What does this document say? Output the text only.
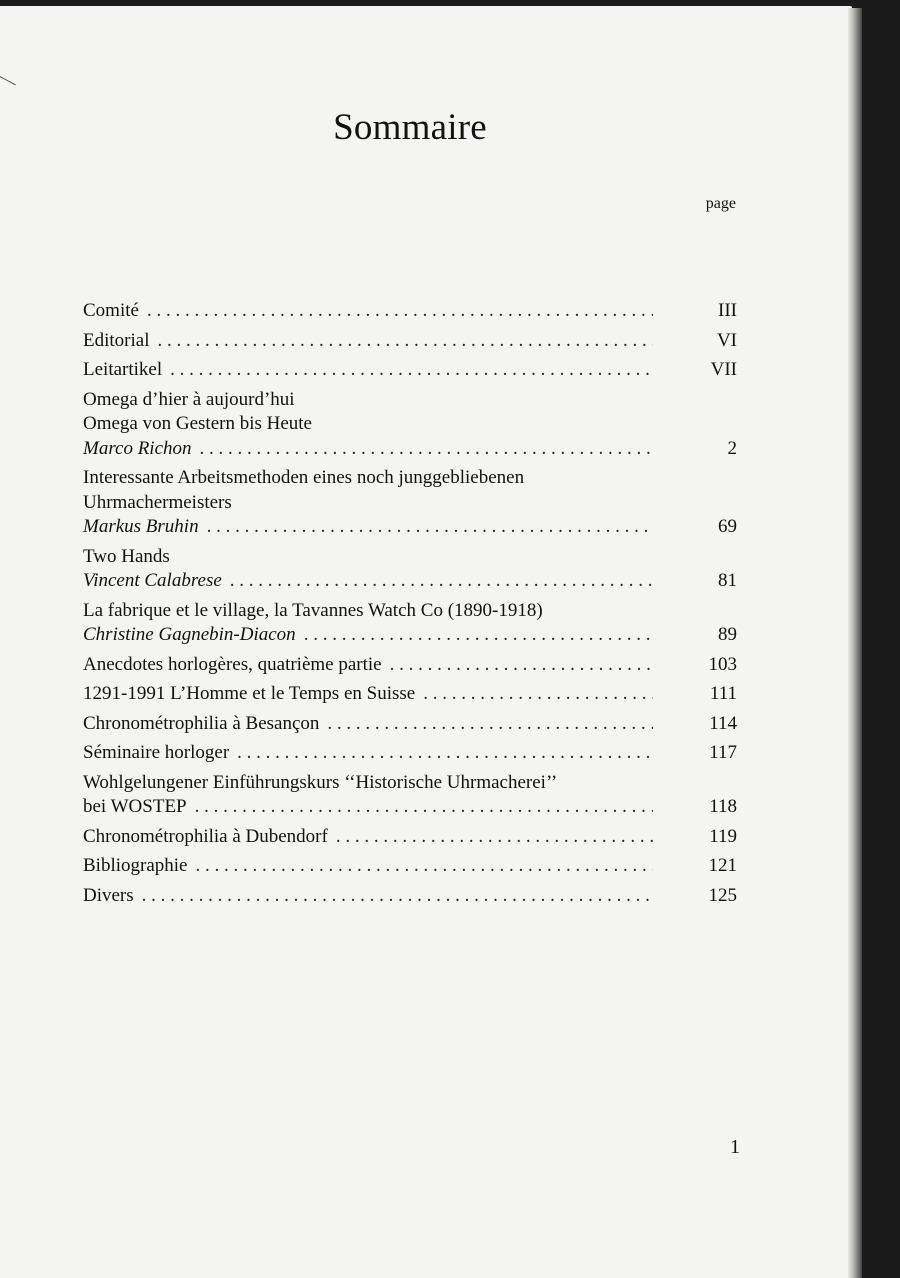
Sommaire
page
Comité . . .	III
Editorial . . .	VI
Leitartikel . . .	VII
Omega d’hier à aujourd’hui
Omega von Gestern bis Heute
Marco Richon . . .	2
Interessante Arbeitsmethoden eines noch junggebliebenen
Uhrmachermeisters
Markus Bruhin . . .	69
Two Hands
Vincent Calabrese . . .	81
La fabrique et le village, la Tavannes Watch Co (1890-1918)
Christine Gagnebin-Diacon . . .	89
Anecdotes horlogères, quatrième partie . . .	103
1291-1991 L’Homme et le Temps en Suisse . . .	111
Chronométrophilia à Besançon . . .	114
Séminaire horloger . . .	117
Wohlgelungener Einführungskurs ‘‘Historische Uhrmacherei’’
bei WOSTEP . . .	118
Chronométrophilia à Dubendorf . . .	119
Bibliographie . . .	121
Divers . . .	125
1
